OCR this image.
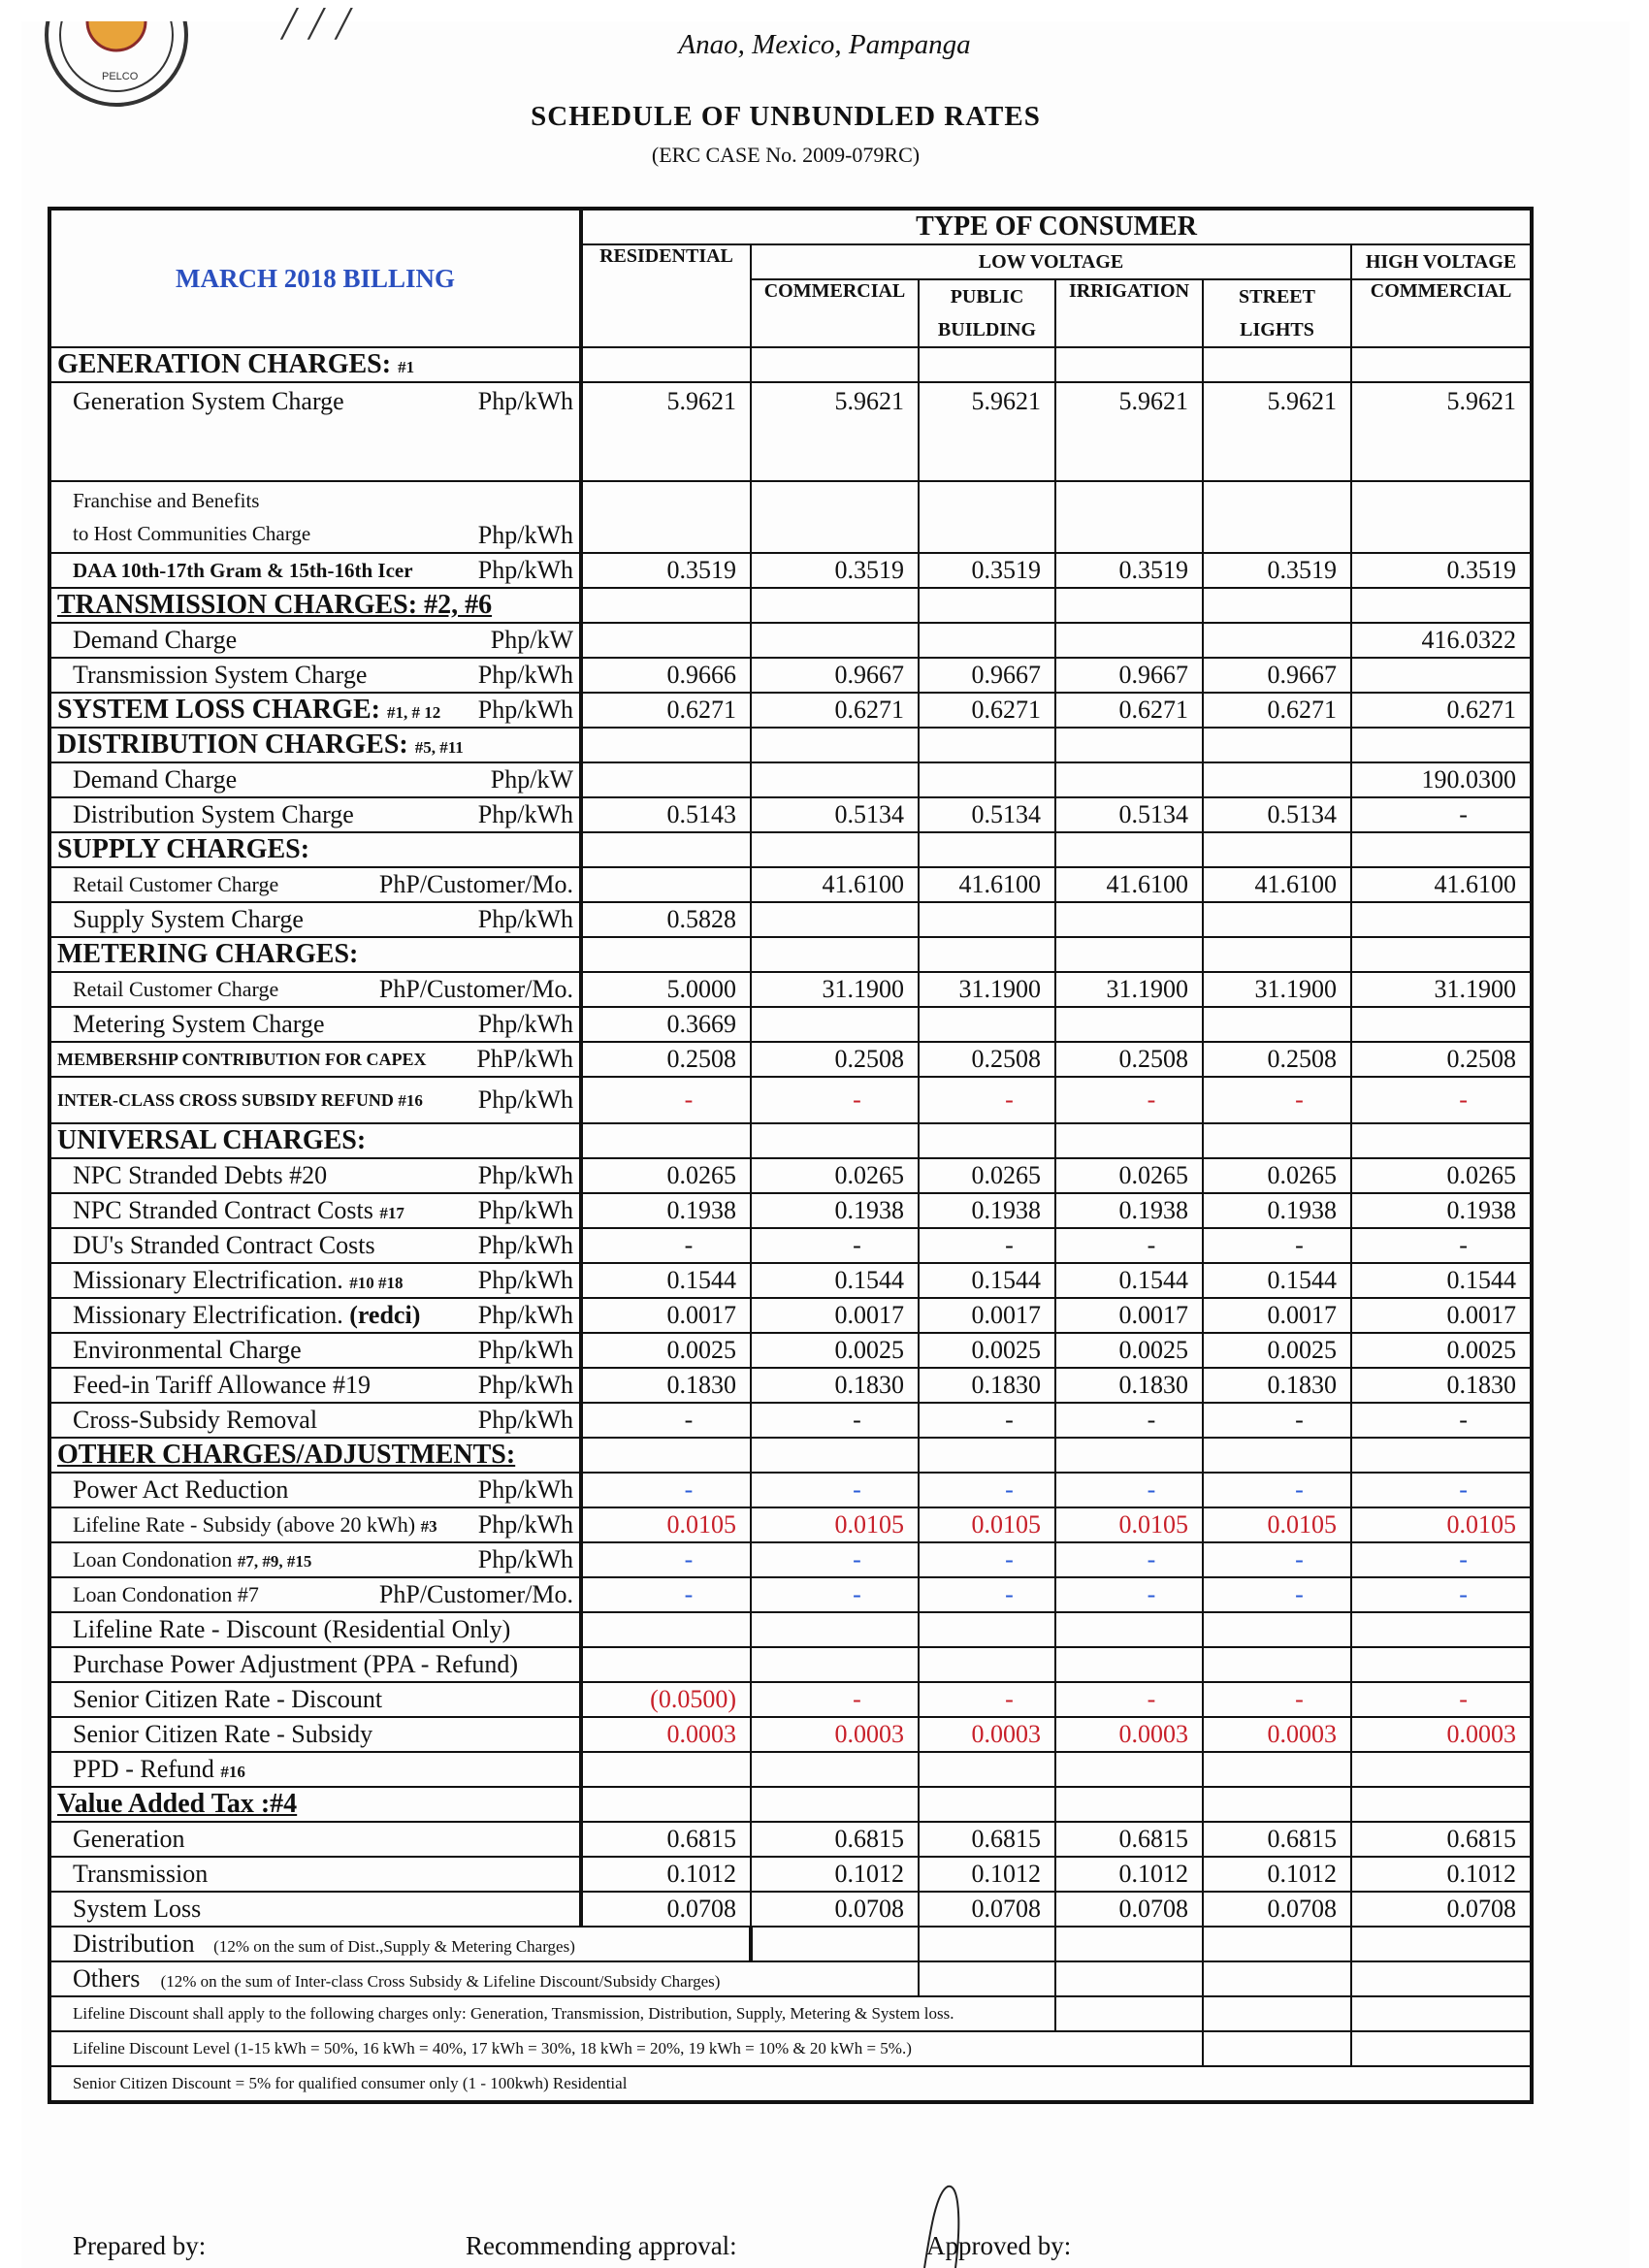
PELCO
╱ ╱ ╱
Anao, Mexico, Pampanga
SCHEDULE OF UNBUNDLED RATES
(ERC CASE No. 2009-079RC)
MARCH 2018 BILLING	TYPE OF CONSUMER					
	RESIDENTIAL	LOW VOLTAGE				HIGH VOLTAGE
		COMMERCIAL	PUBLIC	IRRIGATION	STREET	COMMERCIAL
			BUILDING		LIGHTS	
GENERATION CHARGES: #1						

Generation System Charge Php/kWh	5.9621	5.9621	5.9621	5.9621	5.9621	5.9621

Franchise and Benefits
to Host Communities Charge Php/kWh						

DAA 10th-17th Gram & 15th-16th Icer Php/kWh	0.3519	0.3519	0.3519	0.3519	0.3519	0.3519
TRANSMISSION CHARGES: #2, #6						

Demand Charge Php/kW						416.0322

Transmission System Charge Php/kWh	0.9666	0.9667	0.9667	0.9667	0.9667	

SYSTEM LOSS CHARGE: #1, # 12 Php/kWh	0.6271	0.6271	0.6271	0.6271	0.6271	0.6271
DISTRIBUTION CHARGES: #5, #11						

Demand Charge Php/kW						190.0300

Distribution System Charge Php/kWh	0.5143	0.5134	0.5134	0.5134	0.5134	-
SUPPLY CHARGES:						

Retail Customer Charge PhP/Customer/Mo.		41.6100	41.6100	41.6100	41.6100	41.6100

Supply System Charge Php/kWh	0.5828					
METERING CHARGES:						

Retail Customer Charge PhP/Customer/Mo.	5.0000	31.1900	31.1900	31.1900	31.1900	31.1900

Metering System Charge Php/kWh	0.3669					

MEMBERSHIP CONTRIBUTION FOR CAPEX PhP/kWh	0.2508	0.2508	0.2508	0.2508	0.2508	0.2508

INTER-CLASS CROSS SUBSIDY REFUND #16 Php/kWh	-	-	-	-	-	-
UNIVERSAL CHARGES:						

NPC Stranded Debts #20 Php/kWh	0.0265	0.0265	0.0265	0.0265	0.0265	0.0265

NPC Stranded Contract Costs #17 Php/kWh	0.1938	0.1938	0.1938	0.1938	0.1938	0.1938

DU's Stranded Contract Costs Php/kWh	-	-	-	-	-	-

Missionary Electrification. #10 #18 Php/kWh	0.1544	0.1544	0.1544	0.1544	0.1544	0.1544

Missionary Electrification. (redci) Php/kWh	0.0017	0.0017	0.0017	0.0017	0.0017	0.0017

Environmental Charge Php/kWh	0.0025	0.0025	0.0025	0.0025	0.0025	0.0025

Feed-in Tariff Allowance #19 Php/kWh	0.1830	0.1830	0.1830	0.1830	0.1830	0.1830

Cross-Subsidy Removal Php/kWh	-	-	-	-	-	-
OTHER CHARGES/ADJUSTMENTS:						

Power Act Reduction Php/kWh	-	-	-	-	-	-

Lifeline Rate - Subsidy (above 20 kWh) #3 Php/kWh	0.0105	0.0105	0.0105	0.0105	0.0105	0.0105

Loan Condonation #7, #9, #15 Php/kWh	-	-	-	-	-	-

Loan Condonation #7 PhP/Customer/Mo.	-	-	-	-	-	-

Lifeline Rate - Discount (Residential Only)						

Purchase Power Adjustment (PPA - Refund)						

Senior Citizen Rate - Discount	(0.0500)	-	-	-	-	-

Senior Citizen Rate - Subsidy	0.0003	0.0003	0.0003	0.0003	0.0003	0.0003

PPD - Refund #16						

Value Added Tax :#4						

Generation	0.6815	0.6815	0.6815	0.6815	0.6815	0.6815

Transmission	0.1012	0.1012	0.1012	0.1012	0.1012	0.1012

System Loss	0.0708	0.0708	0.0708	0.0708	0.0708	0.0708
Distribution (12% on the sum of Dist.,Supply & Metering Charges)						
Others (12% on the sum of Inter-class Cross Subsidy & Lifeline Discount/Subsidy Charges)						
Lifeline Discount shall apply to the following charges only: Generation, Transmission, Distribution, Supply, Metering & System loss.						
Lifeline Discount Level (1-15 kWh = 50%, 16 kWh = 40%, 17 kWh = 30%, 18 kWh = 20%, 19 kWh = 10% & 20 kWh = 5%.)						
Senior Citizen Discount = 5% for qualified consumer only (1 - 100kwh) Residential						
Prepared by:	Recommending approval:	Approved by:
